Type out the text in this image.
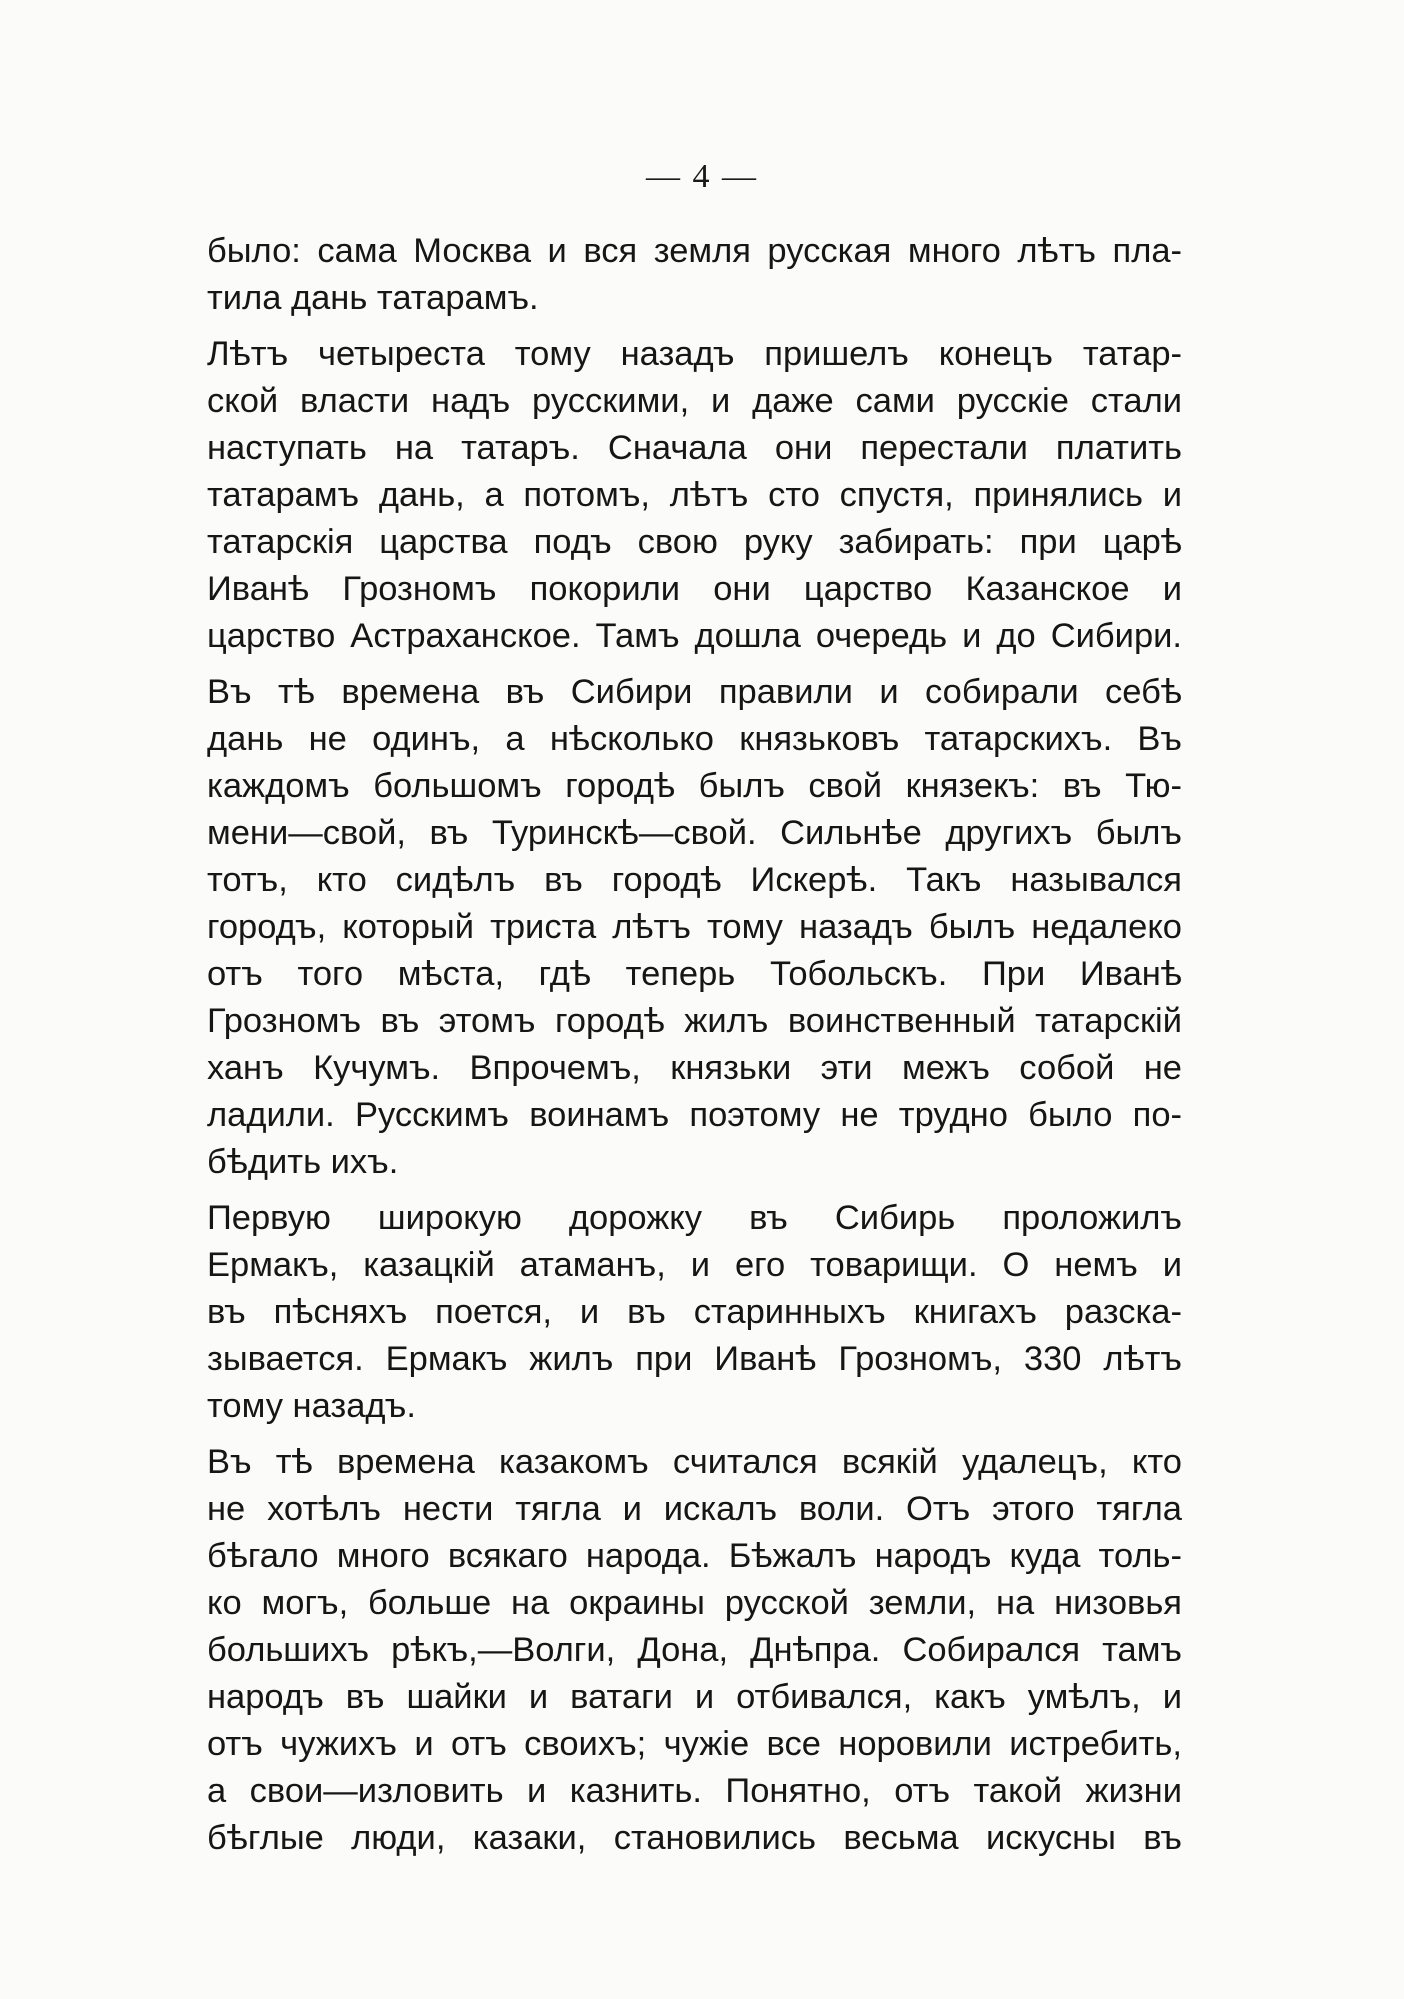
— 4 —
было: сама Москва и вся земля русская много лѣтъ пла-
тила дань татарамъ.
Лѣтъ четыреста тому назадъ пришелъ конецъ татар-
ской власти надъ русскими, и даже сами русскіе стали
наступать на татаръ. Сначала они перестали платить
татарамъ дань, а потомъ, лѣтъ сто спустя, принялись и
татарскія царства подъ свою руку забирать: при царѣ
Иванѣ Грозномъ покорили они царство Казанское и
царство Астраханское. Тамъ дошла очередь и до Сибири.
Въ тѣ времена въ Сибири правили и собирали себѣ
дань не одинъ, а нѣсколько князьковъ татарскихъ. Въ
каждомъ большомъ городѣ былъ свой князекъ: въ Тю-
мени—свой, въ Туринскѣ—свой. Сильнѣе другихъ былъ
тотъ, кто сидѣлъ въ городѣ Искерѣ. Такъ назывался
городъ, который триста лѣтъ тому назадъ былъ недалеко
отъ того мѣста, гдѣ теперь Тобольскъ. При Иванѣ
Грозномъ въ этомъ городѣ жилъ воинственный татарскій
ханъ Кучумъ. Впрочемъ, князьки эти межъ собой не
ладили. Русскимъ воинамъ поэтому не трудно было по-
бѣдить ихъ.
Первую широкую дорожку въ Сибирь проложилъ
Ермакъ, казацкій атаманъ, и его товарищи. О немъ и
въ пѣсняхъ поется, и въ старинныхъ книгахъ разска-
зывается. Ермакъ жилъ при Иванѣ Грозномъ, 330 лѣтъ
тому назадъ.
Въ тѣ времена казакомъ считался всякій удалецъ, кто
не хотѣлъ нести тягла и искалъ воли. Отъ этого тягла
бѣгало много всякаго народа. Бѣжалъ народъ куда толь-
ко могъ, больше на окраины русской земли, на низовья
большихъ рѣкъ,—Волги, Дона, Днѣпра. Собирался тамъ
народъ въ шайки и ватаги и отбивался, какъ умѣлъ, и
отъ чужихъ и отъ своихъ; чужіе все норовили истребить,
а свои—изловить и казнить. Понятно, отъ такой жизни
бѣглые люди, казаки, становились весьма искусны въ
